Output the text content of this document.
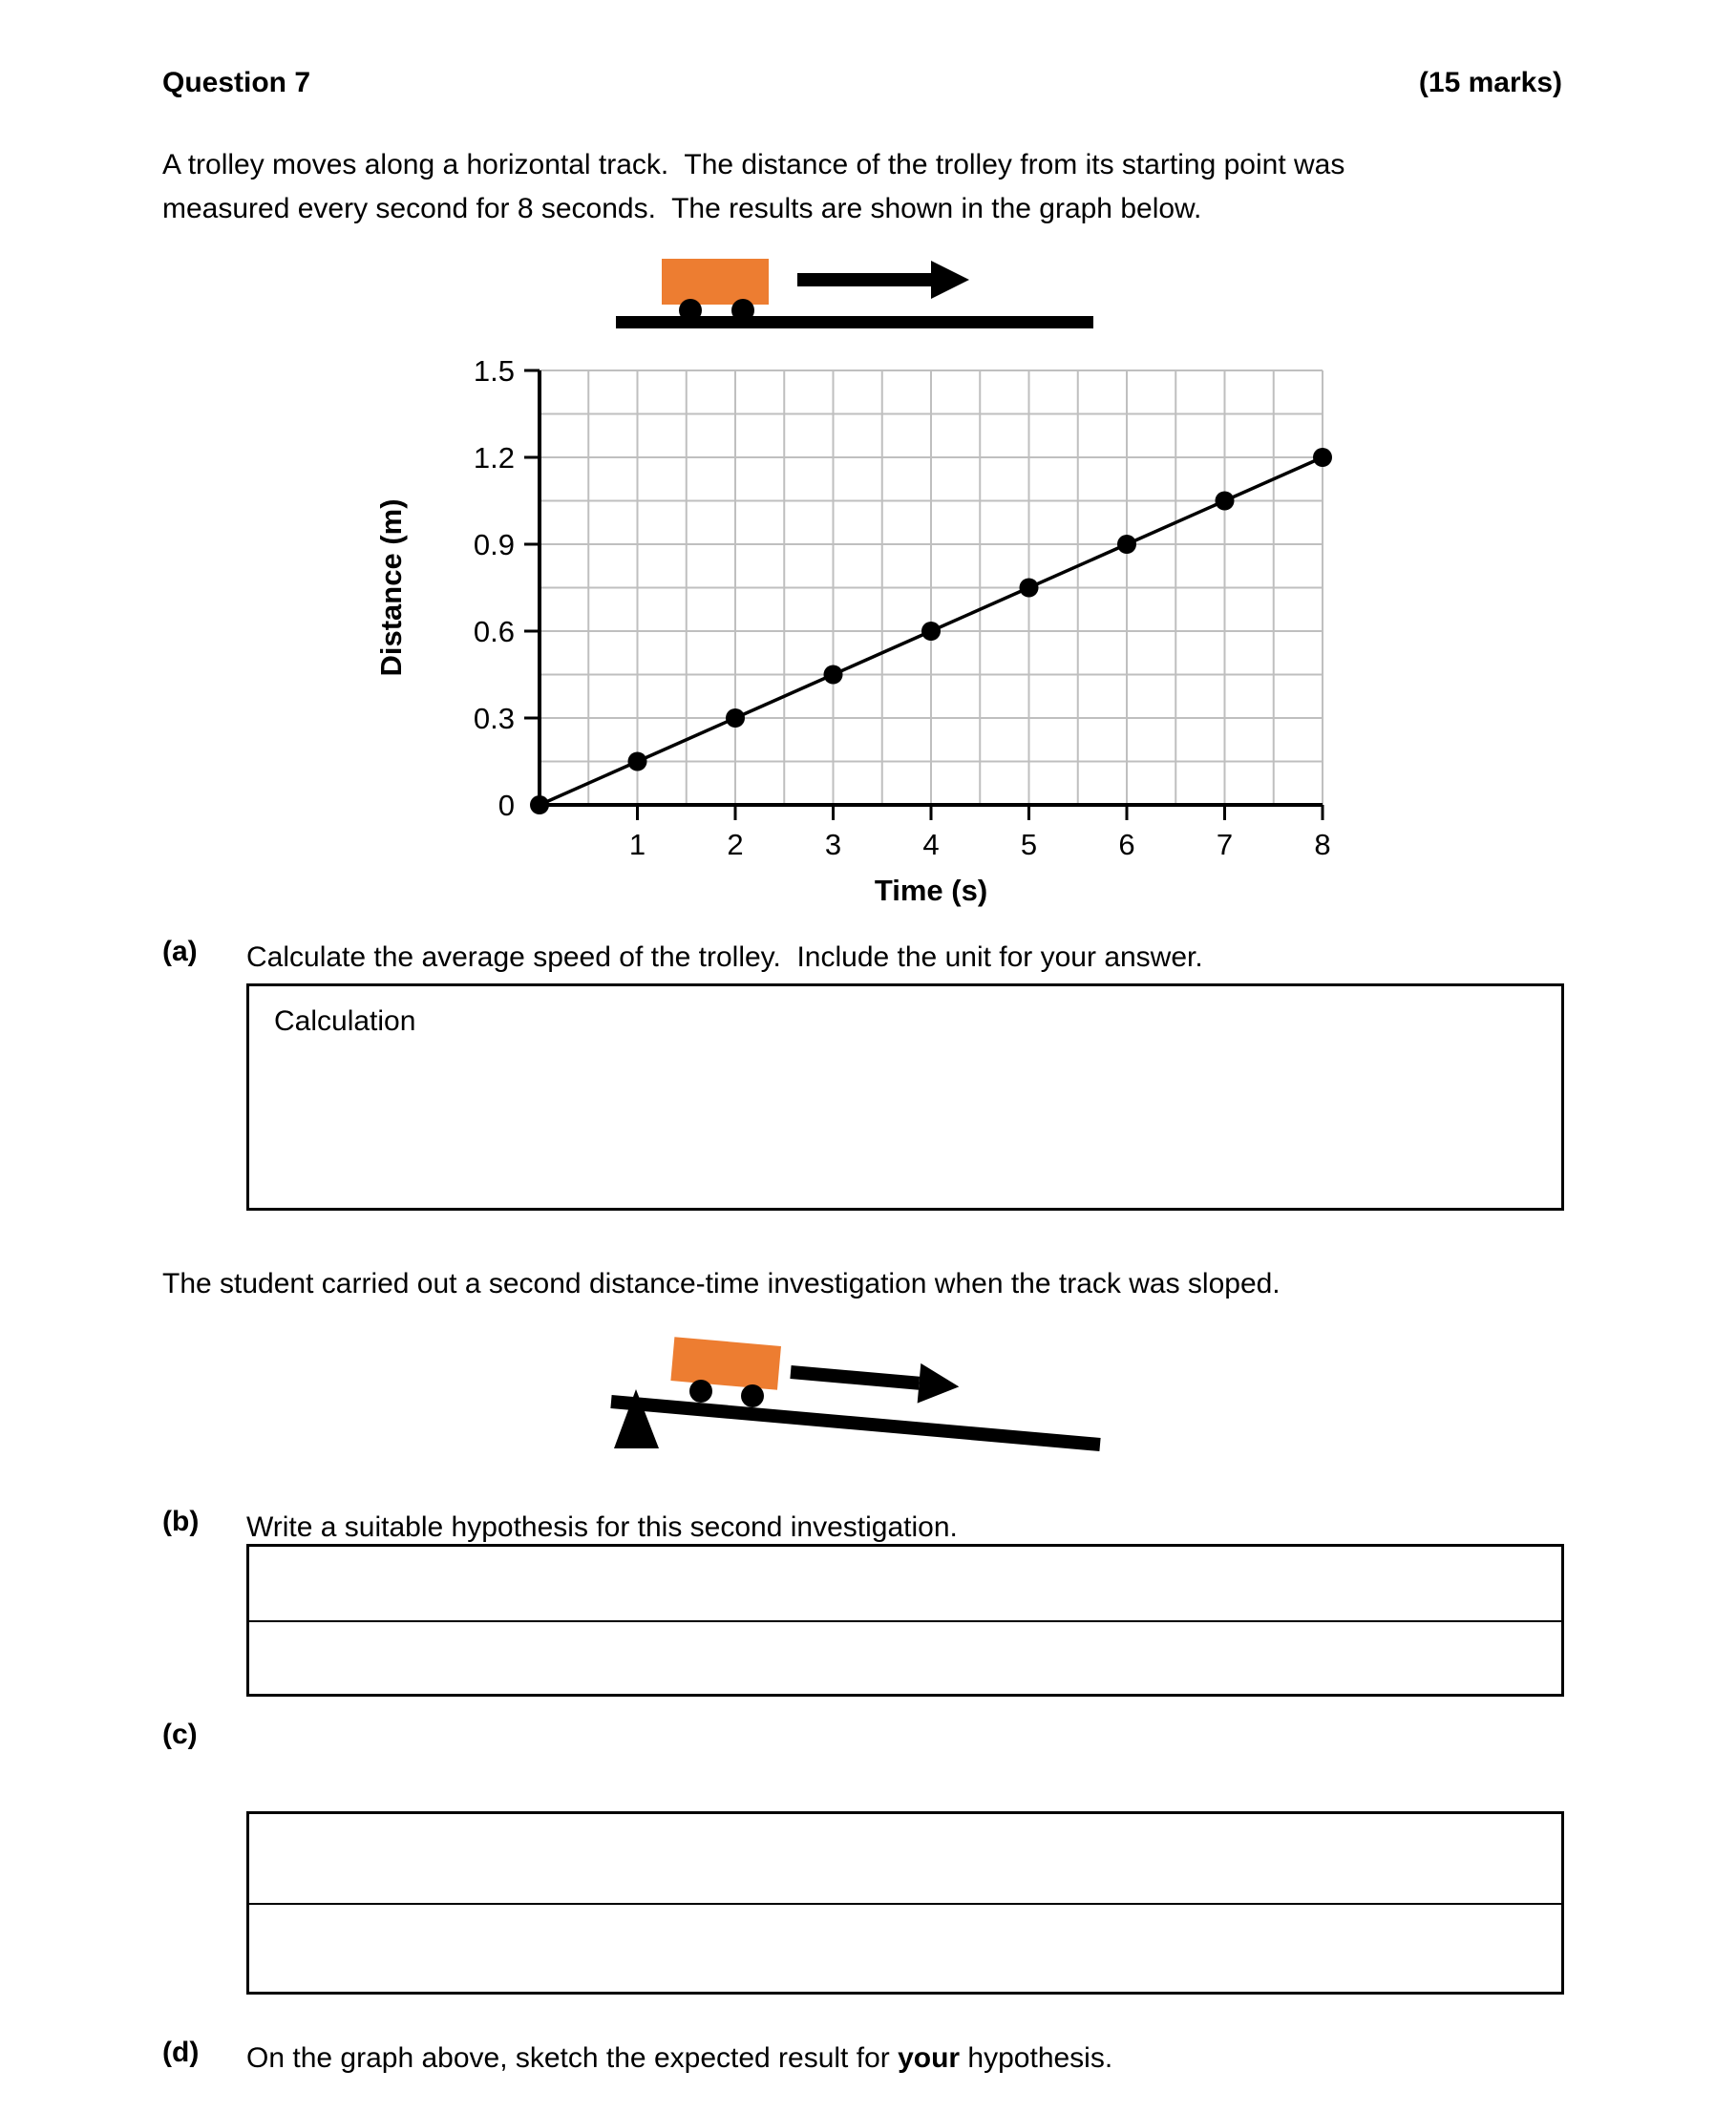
Question 7	(15 marks)
A trolley moves along a horizontal track.  The distance of the trolley from its starting point was
measured every second for 8 seconds.  The results are shown in the graph below.
0
0.3
0.6
0.9
1.2
1.5
1	2	3	4	5	6	7	8
Time (s)
Distance (m)
(a)	Calculate the average speed of the trolley.  Include the unit for your answer.
Calculation
The student carried out a second distance-time investigation when the track was sloped.
(b)	Write a suitable hypothesis for this second investigation.
(c)

(d)	On the graph above, sketch the expected result for your hypothesis.
